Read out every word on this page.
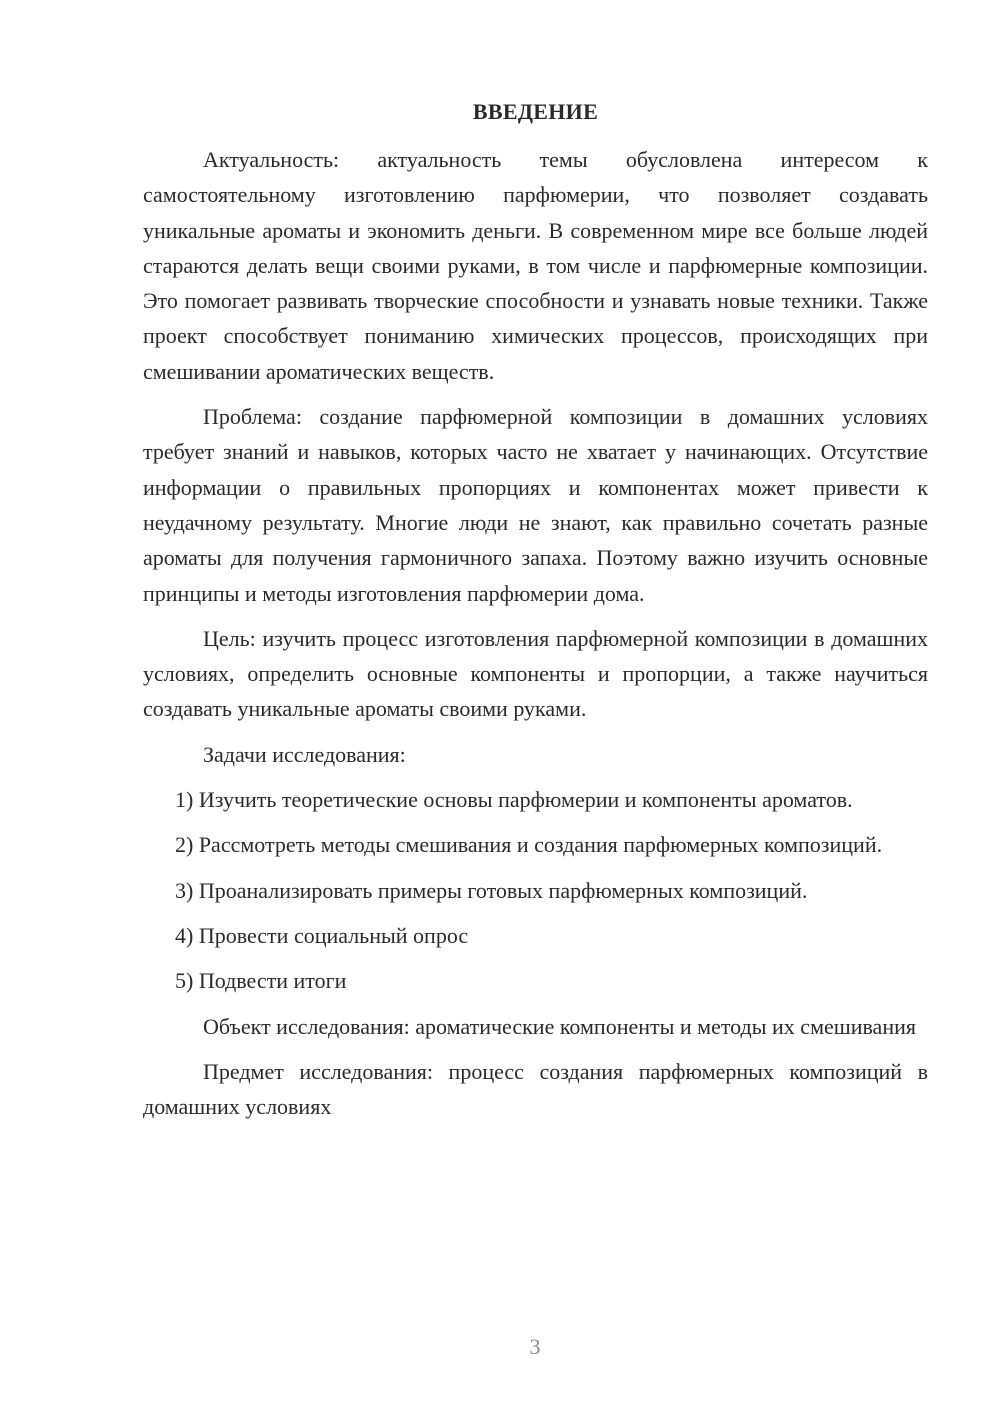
ВВЕДЕНИЕ

Актуальность: актуальность темы обусловлена интересом к самостоятельному изготовлению парфюмерии, что позволяет создавать уникальные ароматы и экономить деньги. В современном мире все больше людей стараются делать вещи своими руками, в том числе и парфюмерные композиции. Это помогает развивать творческие способности и узнавать новые техники. Также проект способствует пониманию химических процессов, происходящих при смешивании ароматических веществ.

Проблема: создание парфюмерной композиции в домашних условиях требует знаний и навыков, которых часто не хватает у начинающих. Отсутствие информации о правильных пропорциях и компонентах может привести к неудачному результату. Многие люди не знают, как правильно сочетать разные ароматы для получения гармоничного запаха. Поэтому важно изучить основные принципы и методы изготовления парфюмерии дома.

Цель: изучить процесс изготовления парфюмерной композиции в домашних условиях, определить основные компоненты и пропорции, а также научиться создавать уникальные ароматы своими руками.

Задачи исследования:

1) Изучить теоретические основы парфюмерии и компоненты ароматов.

2) Рассмотреть методы смешивания и создания парфюмерных композиций.

3) Проанализировать примеры готовых парфюмерных композиций.

4) Провести социальный опрос

5) Подвести итоги

Объект исследования: ароматические компоненты и методы их смешивания

Предмет исследования: процесс создания парфюмерных композиций в домашних условиях

3
